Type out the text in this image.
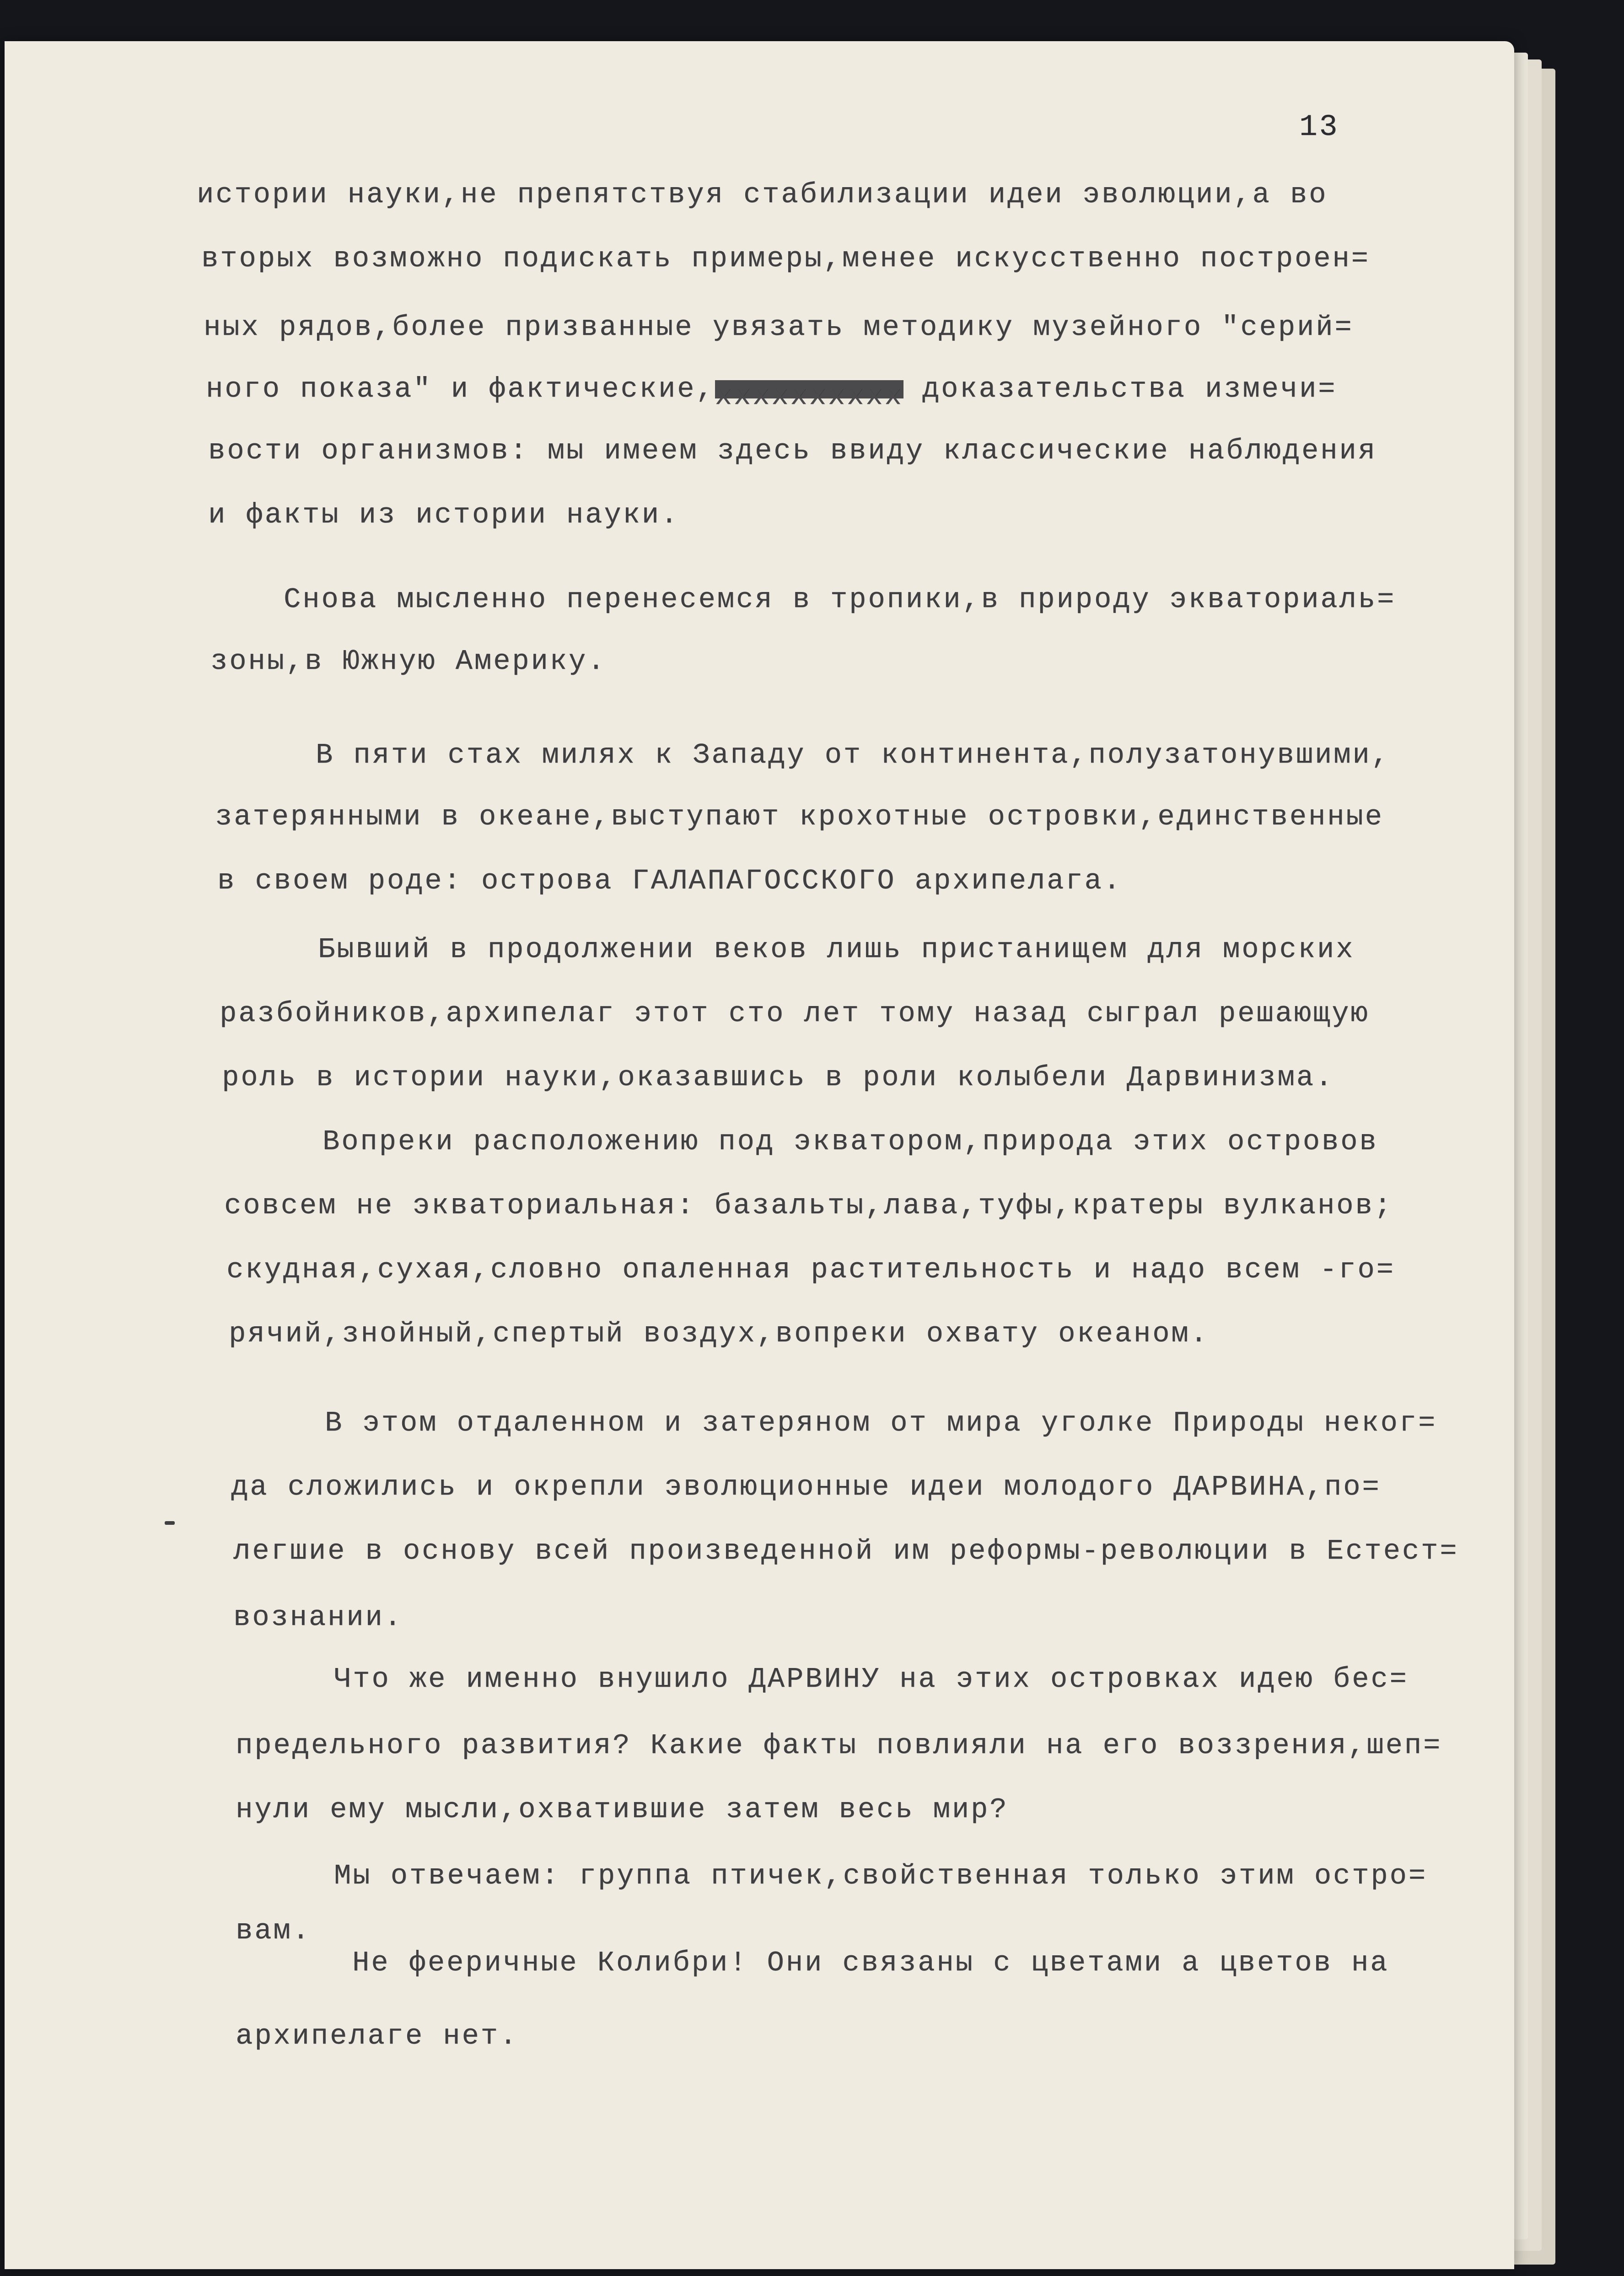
13
истории науки,не препятствуя стабилизации идеи эволюции,а во
вторых возможно подискать примеры,менее искусственно построен=
ных рядов,более призванные увязать методику музейного "серий=
ного показа" и фактические,xxxxxxxxxx доказательства измечи=
вости организмов: мы имеем здесь ввиду классические наблюдения
и факты из истории науки.
Снова мысленно перенесемся в тропики,в природу экваториаль=
зоны,в Южную Америку.
В пяти стах милях к Западу от континента,полузатонувшими,
затерянными в океане,выступают крохотные островки,единственные
в своем роде: острова ГАЛАПАГОССКОГО архипелага.
Бывший в продолжении веков лишь пристанищем для морских
разбойников,архипелаг этот сто лет тому назад сыграл решающую
роль в истории науки,оказавшись в роли колыбели Дарвинизма.
Вопреки расположению под экватором,природа этих островов
совсем не экваториальная: базальты,лава,туфы,кратеры вулканов;
скудная,сухая,словно опаленная растительность и надо всем -го=
рячий,знойный,спертый воздух,вопреки охвату океаном.
В этом отдаленном и затеряном от мира уголке Природы неког=
да сложились и окрепли эволюционные идеи молодого ДАРВИНА,по=
легшие в основу всей произведенной им реформы-революции в Естест=
вознании.
Что же именно внушило ДАРВИНУ на этих островках идею бес=
предельного развития? Какие факты повлияли на его воззрения,шеп=
нули ему мысли,охватившие затем весь мир?
Мы отвечаем: группа птичек,свойственная только этим остро=
вам.
Не фееричные Колибри! Они связаны с цветами а цветов на
архипелаге нет.
